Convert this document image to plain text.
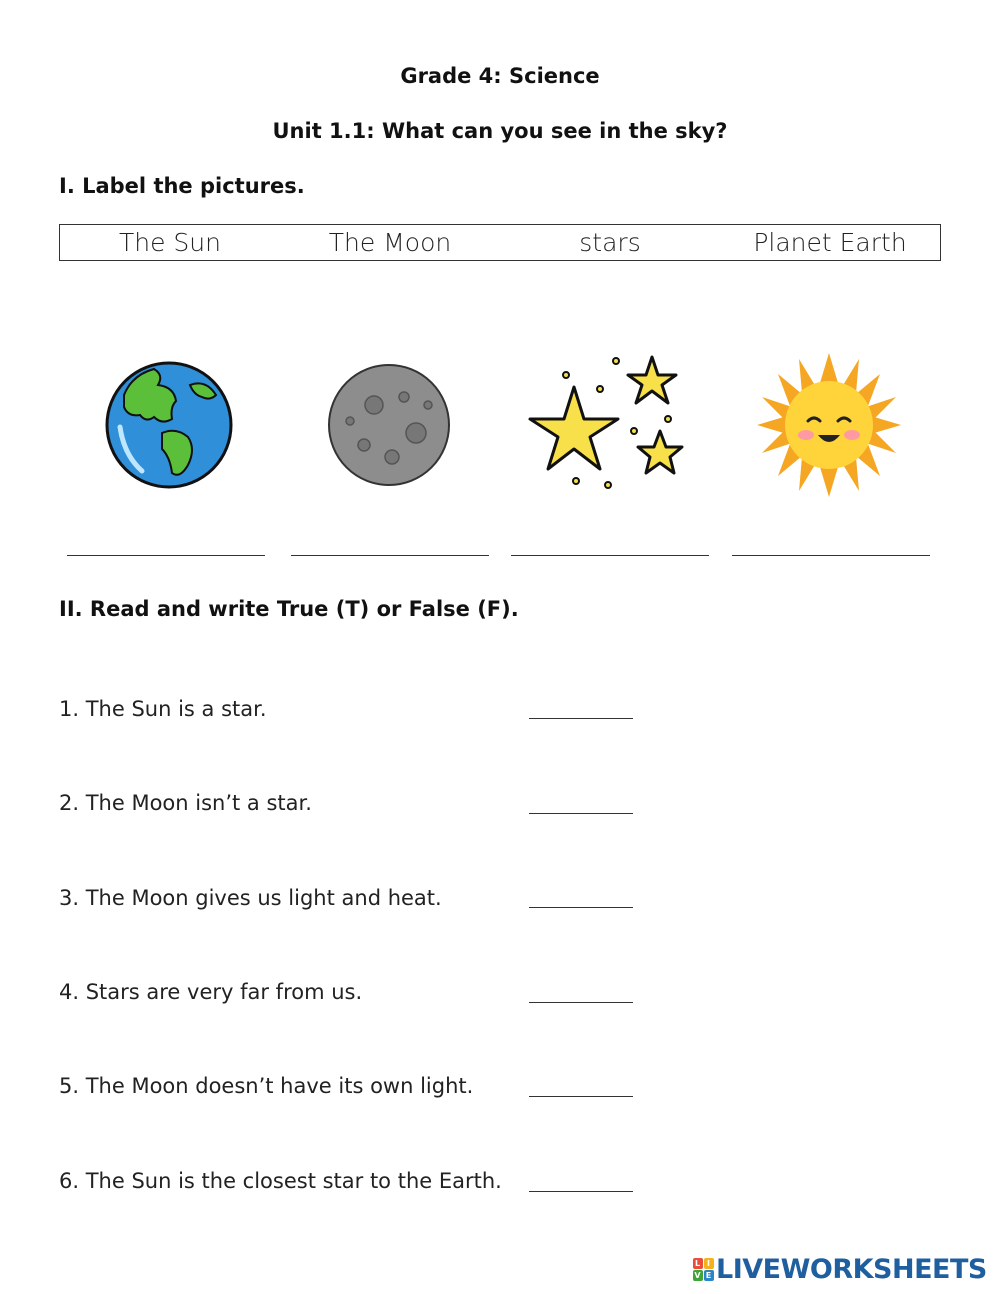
Grade 4: Science
Unit 1.1: What can you see in the sky?
I. Label the pictures.
The Sun	The Moon	stars	Planet Earth
II. Read and write True (T) or False (F).
1. The Sun is a star.
2. The Moon isn’t a star.
3. The Moon gives us light and heat.
4. Stars are very far from us.
5. The Moon doesn’t have its own light.
6. The Sun is the closest star to the Earth.
L I
V E LIVEWORKSHEETS
